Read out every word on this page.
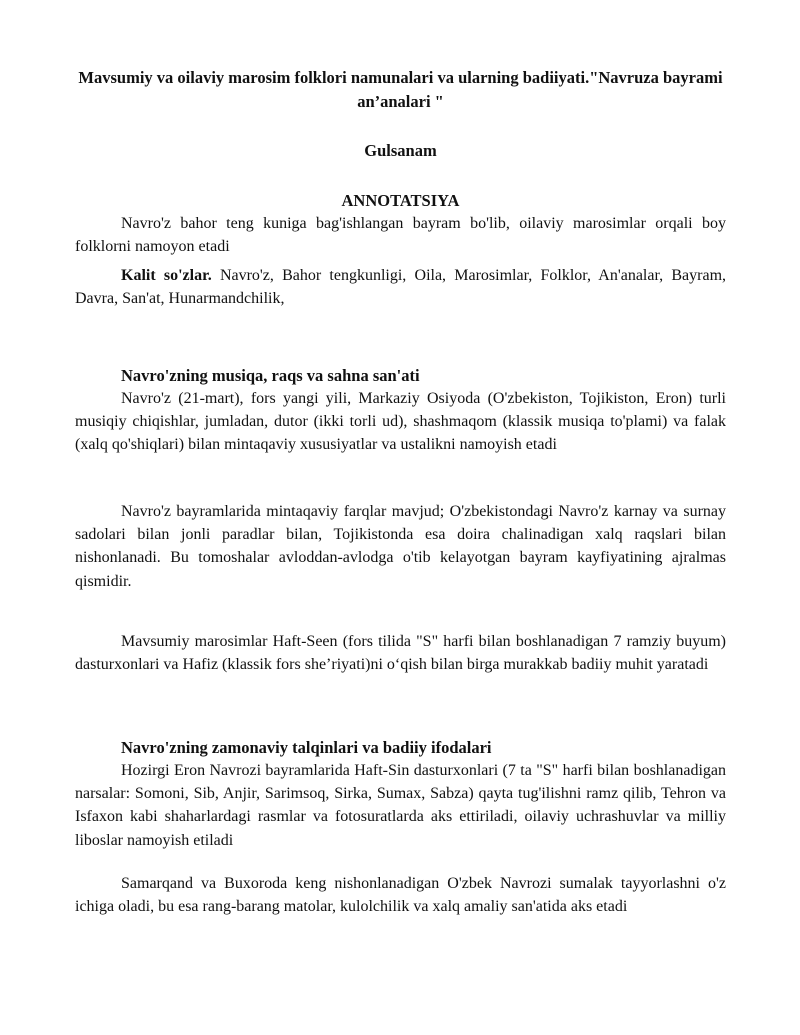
Mavsumiy va oilaviy marosim folklori namunalari va ularning badiiyati."Navruza bayrami an’analari "
Gulsanam
ANNOTATSIYA
Navro'z bahor teng kuniga bag'ishlangan bayram bo'lib, oilaviy marosimlar orqali boy folklorni namoyon etadi
Kalit so'zlar. Navro'z, Bahor tengkunligi, Oila, Marosimlar, Folklor, An'analar, Bayram, Davra, San'at, Hunarmandchilik,
Navro'zning musiqa, raqs va sahna san'ati
Navro'z (21-mart), fors yangi yili, Markaziy Osiyoda (O'zbekiston, Tojikiston, Eron) turli musiqiy chiqishlar, jumladan, dutor (ikki torli ud), shashmaqom (klassik musiqa to'plami) va falak (xalq qo'shiqlari) bilan mintaqaviy xususiyatlar va ustalikni namoyish etadi
Navro'z bayramlarida mintaqaviy farqlar mavjud; O'zbekistondagi Navro'z karnay va surnay sadolari bilan jonli paradlar bilan, Tojikistonda esa doira chalinadigan xalq raqslari bilan nishonlanadi. Bu tomoshalar avloddan-avlodga o'tib kelayotgan bayram kayfiyatining ajralmas qismidir.
Mavsumiy marosimlar Haft-Seen (fors tilida "S" harfi bilan boshlanadigan 7 ramziy buyum) dasturxonlari va Hafiz (klassik fors she’riyati)ni o‘qish bilan birga murakkab badiiy muhit yaratadi
Navro'zning zamonaviy talqinlari va badiiy ifodalari
Hozirgi Eron Navrozi bayramlarida Haft-Sin dasturxonlari (7 ta "S" harfi bilan boshlanadigan narsalar: Somoni, Sib, Anjir, Sarimsoq, Sirka, Sumax, Sabza) qayta tug'ilishni ramz qilib, Tehron va Isfaxon kabi shaharlardagi rasmlar va fotosuratlarda aks ettiriladi, oilaviy uchrashuvlar va milliy liboslar namoyish etiladi
Samarqand va Buxoroda keng nishonlanadigan O'zbek Navrozi sumalak tayyorlashni o'z ichiga oladi, bu esa rang-barang matolar, kulolchilik va xalq amaliy san'atida aks etadi
